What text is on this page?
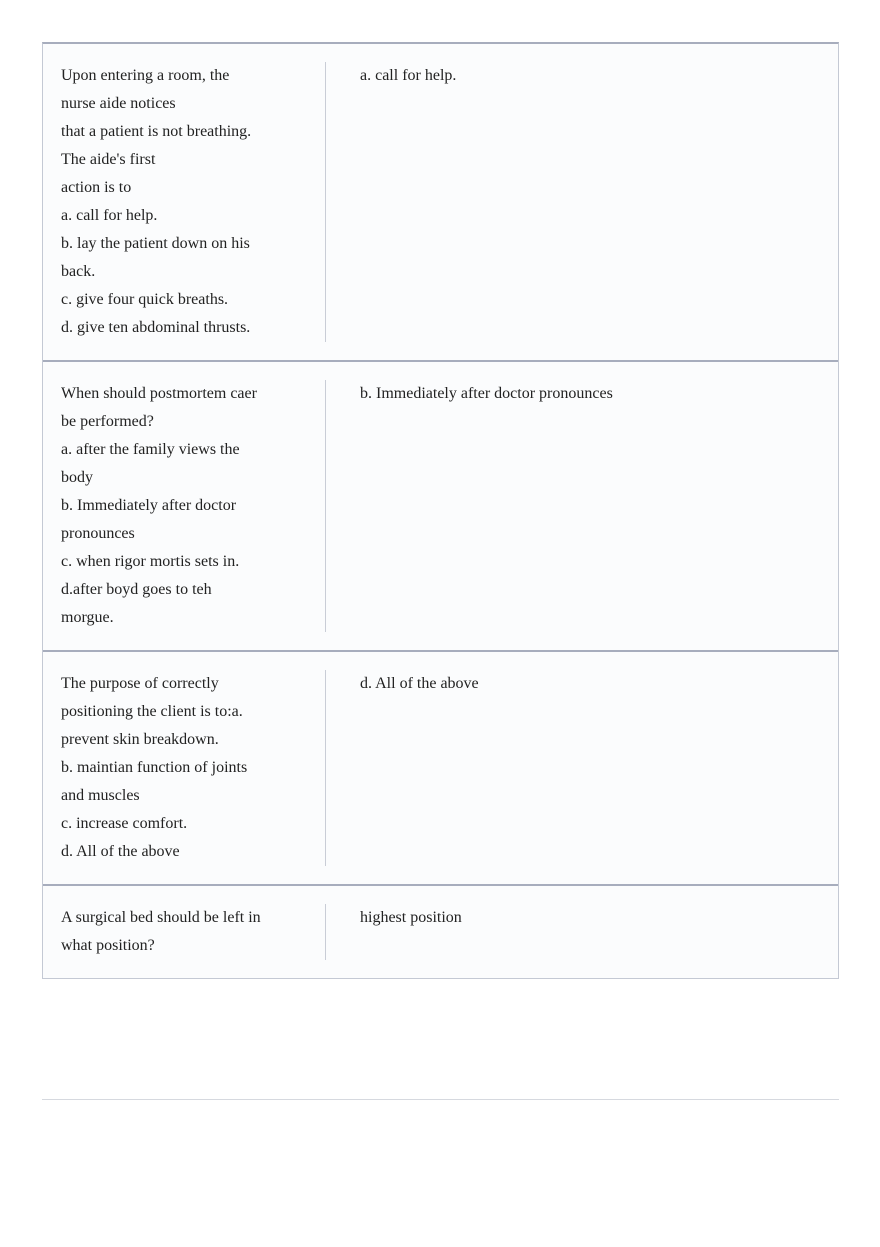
Upon entering a room, the
nurse aide notices
that a patient is not breathing.
The aide's first
action is to
a. call for help.
b. lay the patient down on his
back.
c. give four quick breaths.
d. give ten abdominal thrusts.
a. call for help.
When should postmortem caer
be performed?
a. after the family views the
body
b. Immediately after doctor
pronounces
c. when rigor mortis sets in.
d.after boyd goes to teh
morgue.
b. Immediately after doctor pronounces
The purpose of correctly
positioning the client is to:a.
prevent skin breakdown.
b. maintian function of joints
and muscles
c. increase comfort.
d. All of the above
d. All of the above
A surgical bed should be left in
what position?
highest position
